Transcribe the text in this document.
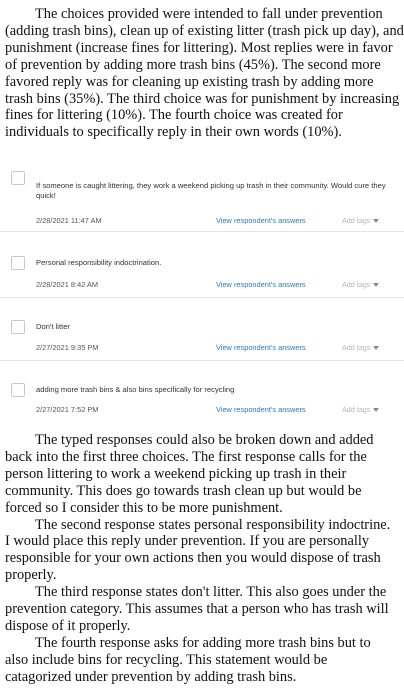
The choices provided were intended to fall under prevention (adding trash bins), clean up of existing litter (trash pick up day), and punishment (increase fines for littering). Most replies were in favor of prevention by adding more trash bins (45%). The second more favored reply was for cleaning up existing trash by adding more trash bins (35%). The third choice was for punishment by increasing fines for littering (10%). The fourth choice was created for individuals to specifically reply in their own words (10%).

If someone is caught littering, they work a weekend picking up trash in their community. Would cure they quick!
2/28/2021 11:47 AM	View respondent's answers	Add tags
Personal responsibility indoctrination.
2/28/2021 8:42 AM	View respondent's answers	Add tags
Don't litter
2/27/2021 9:35 PM	View respondent's answers	Add tags
adding more trash bins & also bins specifically for recycling
2/27/2021 7:52 PM	View respondent's answers	Add tags

The typed responses could also be broken down and added back into the first three choices. The first response calls for the person littering to work a weekend picking up trash in their community. This does go towards trash clean up but would be forced so I consider this to be more punishment.

The second response states personal responsibility indoctrine. I would place this reply under prevention. If you are personally responsible for your own actions then you would dispose of trash properly.

The third response states don't litter. This also goes under the prevention category. This assumes that a person who has trash will dispose of it properly.

The fourth response asks for adding more trash bins but to also include bins for recycling. This statement would be catagorized under prevention by adding trash bins.
